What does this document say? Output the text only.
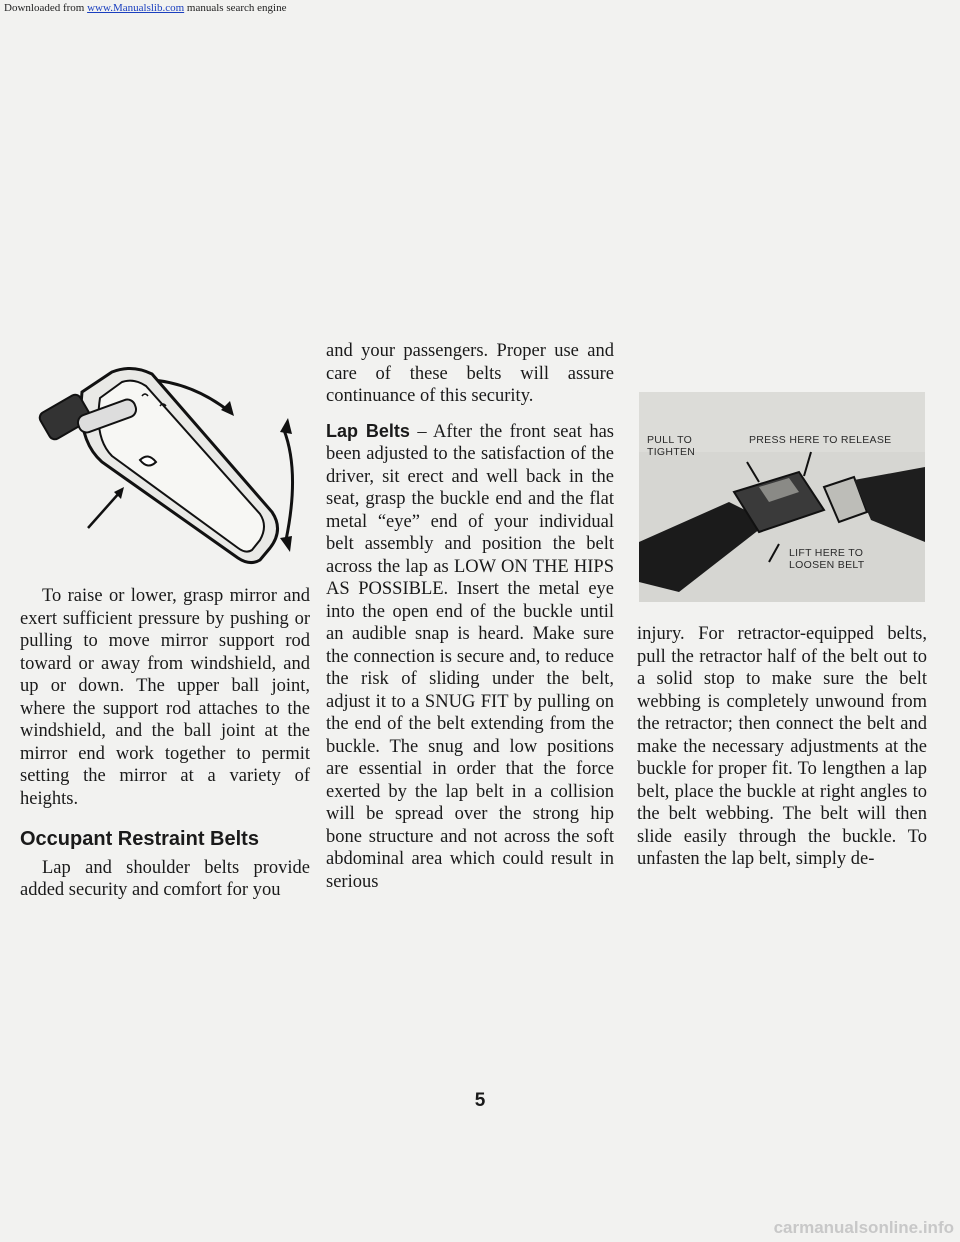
Downloaded from www.Manualslib.com manuals search engine

To raise or lower, grasp mirror and exert sufficient pressure by pushing or pulling to move mirror support rod toward or away from windshield, and up or down. The upper ball joint, where the support rod attaches to the windshield, and the ball joint at the mirror end work together to permit setting the mirror at a variety of heights.

Occupant Restraint Belts

Lap and shoulder belts provide added security and comfort for you

and your passengers. Proper use and care of these belts will assure continuance of this security.

Lap Belts – After the front seat has been adjusted to the satisfaction of the driver, sit erect and well back in the seat, grasp the buckle end and the flat metal “eye” end of your individual belt assembly and position the belt across the lap as LOW ON THE HIPS AS POSSIBLE. Insert the metal eye into the open end of the buckle until an audible snap is heard. Make sure the connection is secure and, to reduce the risk of sliding under the belt, adjust it to a SNUG FIT by pulling on the end of the belt extending from the buckle. The snug and low positions are essential in order that the force exerted by the lap belt in a collision will be spread over the strong hip bone structure and not across the soft abdominal area which could result in serious

PULL TO
TIGHTEN
PRESS HERE TO RELEASE
LIFT HERE TO
LOOSEN BELT

injury. For retractor-equipped belts, pull the retractor half of the belt out to a solid stop to make sure the belt webbing is completely unwound from the retractor; then connect the belt and make the necessary adjustments at the buckle for proper fit. To lengthen a lap belt, place the buckle at right angles to the belt webbing. The belt will then slide easily through the buckle. To unfasten the lap belt, simply de-

5
carmanualsonline.info
